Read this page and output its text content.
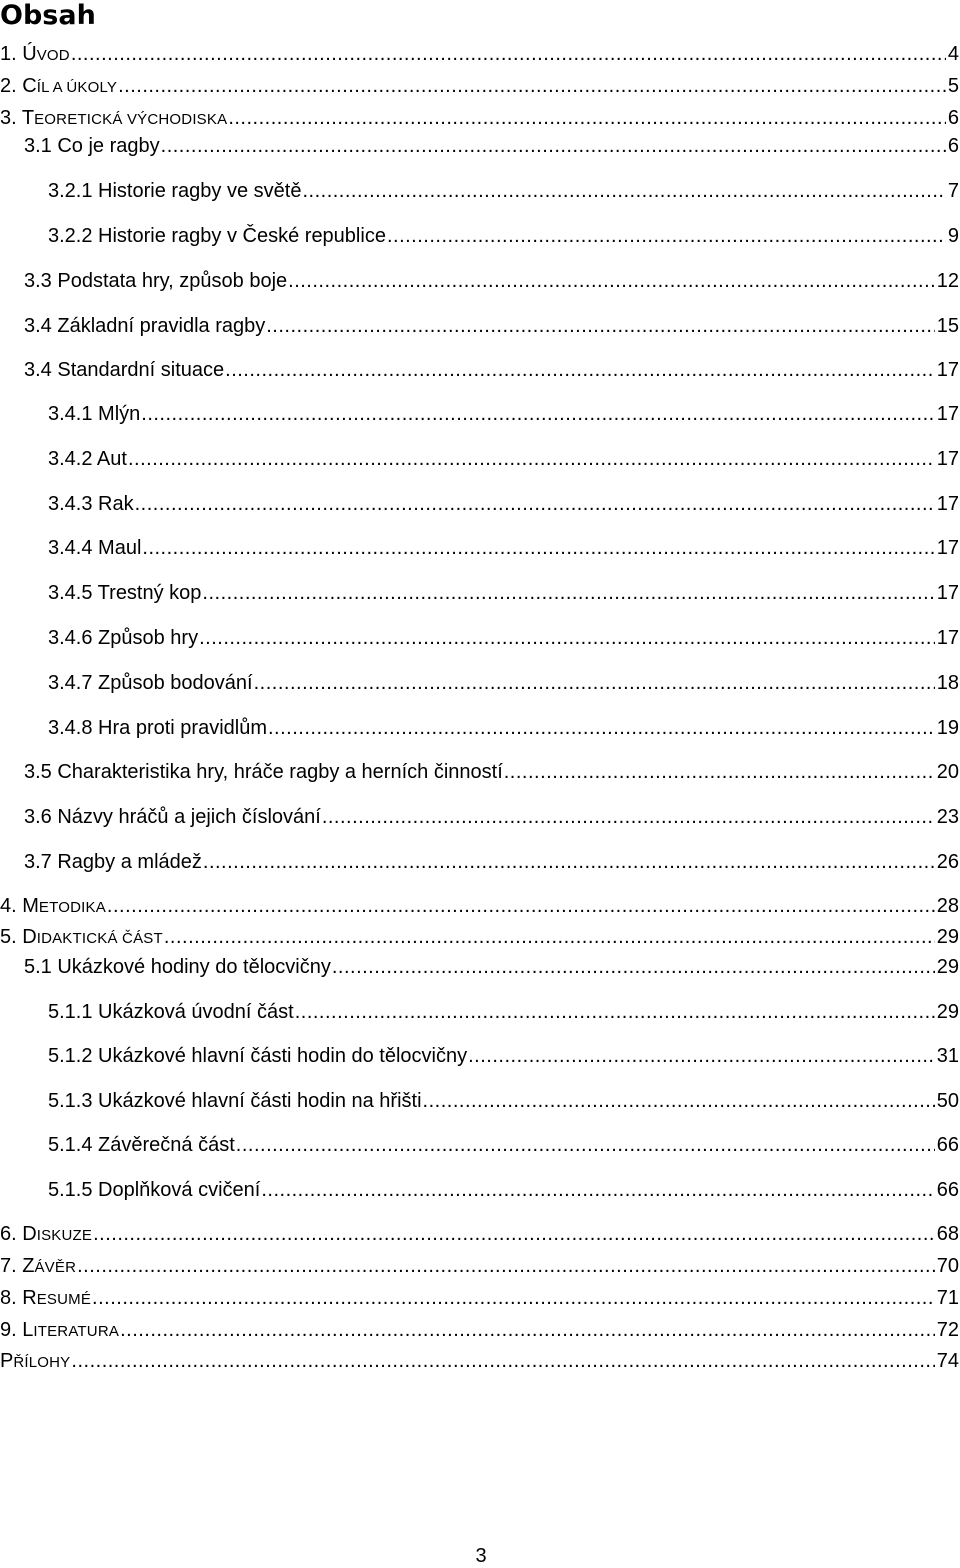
Obsah
1. ÚVOD .....	4
2. CÍL A ÚKOLY .....	5
3. TEORETICKÁ VÝCHODISKA .....	6
3.1 Co je ragby .....	6
3.2.1 Historie ragby ve světě .....	7
3.2.2 Historie ragby v České republice .....	9
3.3 Podstata hry, způsob boje .....	12
3.4 Základní pravidla ragby .....	15
3.4 Standardní situace .....	17
3.4.1 Mlýn .....	17
3.4.2 Aut .....	17
3.4.3 Rak .....	17
3.4.4 Maul .....	17
3.4.5 Trestný kop .....	17
3.4.6 Způsob hry .....	17
3.4.7 Způsob bodování .....	18
3.4.8 Hra proti pravidlům .....	19
3.5 Charakteristika hry, hráče ragby a herních činností .....	20
3.6 Názvy hráčů a jejich číslování .....	23
3.7 Ragby a mládež .....	26
4. METODIKA .....	28
5. DIDAKTICKÁ ČÁST .....	29
5.1 Ukázkové hodiny do tělocvičny .....	29
5.1.1 Ukázková úvodní část .....	29
5.1.2 Ukázkové hlavní části hodin do tělocvičny .....	31
5.1.3 Ukázkové hlavní části hodin na hřišti .....	50
5.1.4 Závěrečná část .....	66
5.1.5 Doplňková cvičení .....	66
6. DISKUZE .....	68
7. ZÁVĚR .....	70
8. RESUMÉ .....	71
9. LITERATURA .....	72
PŘÍLOHY .....	74
3
